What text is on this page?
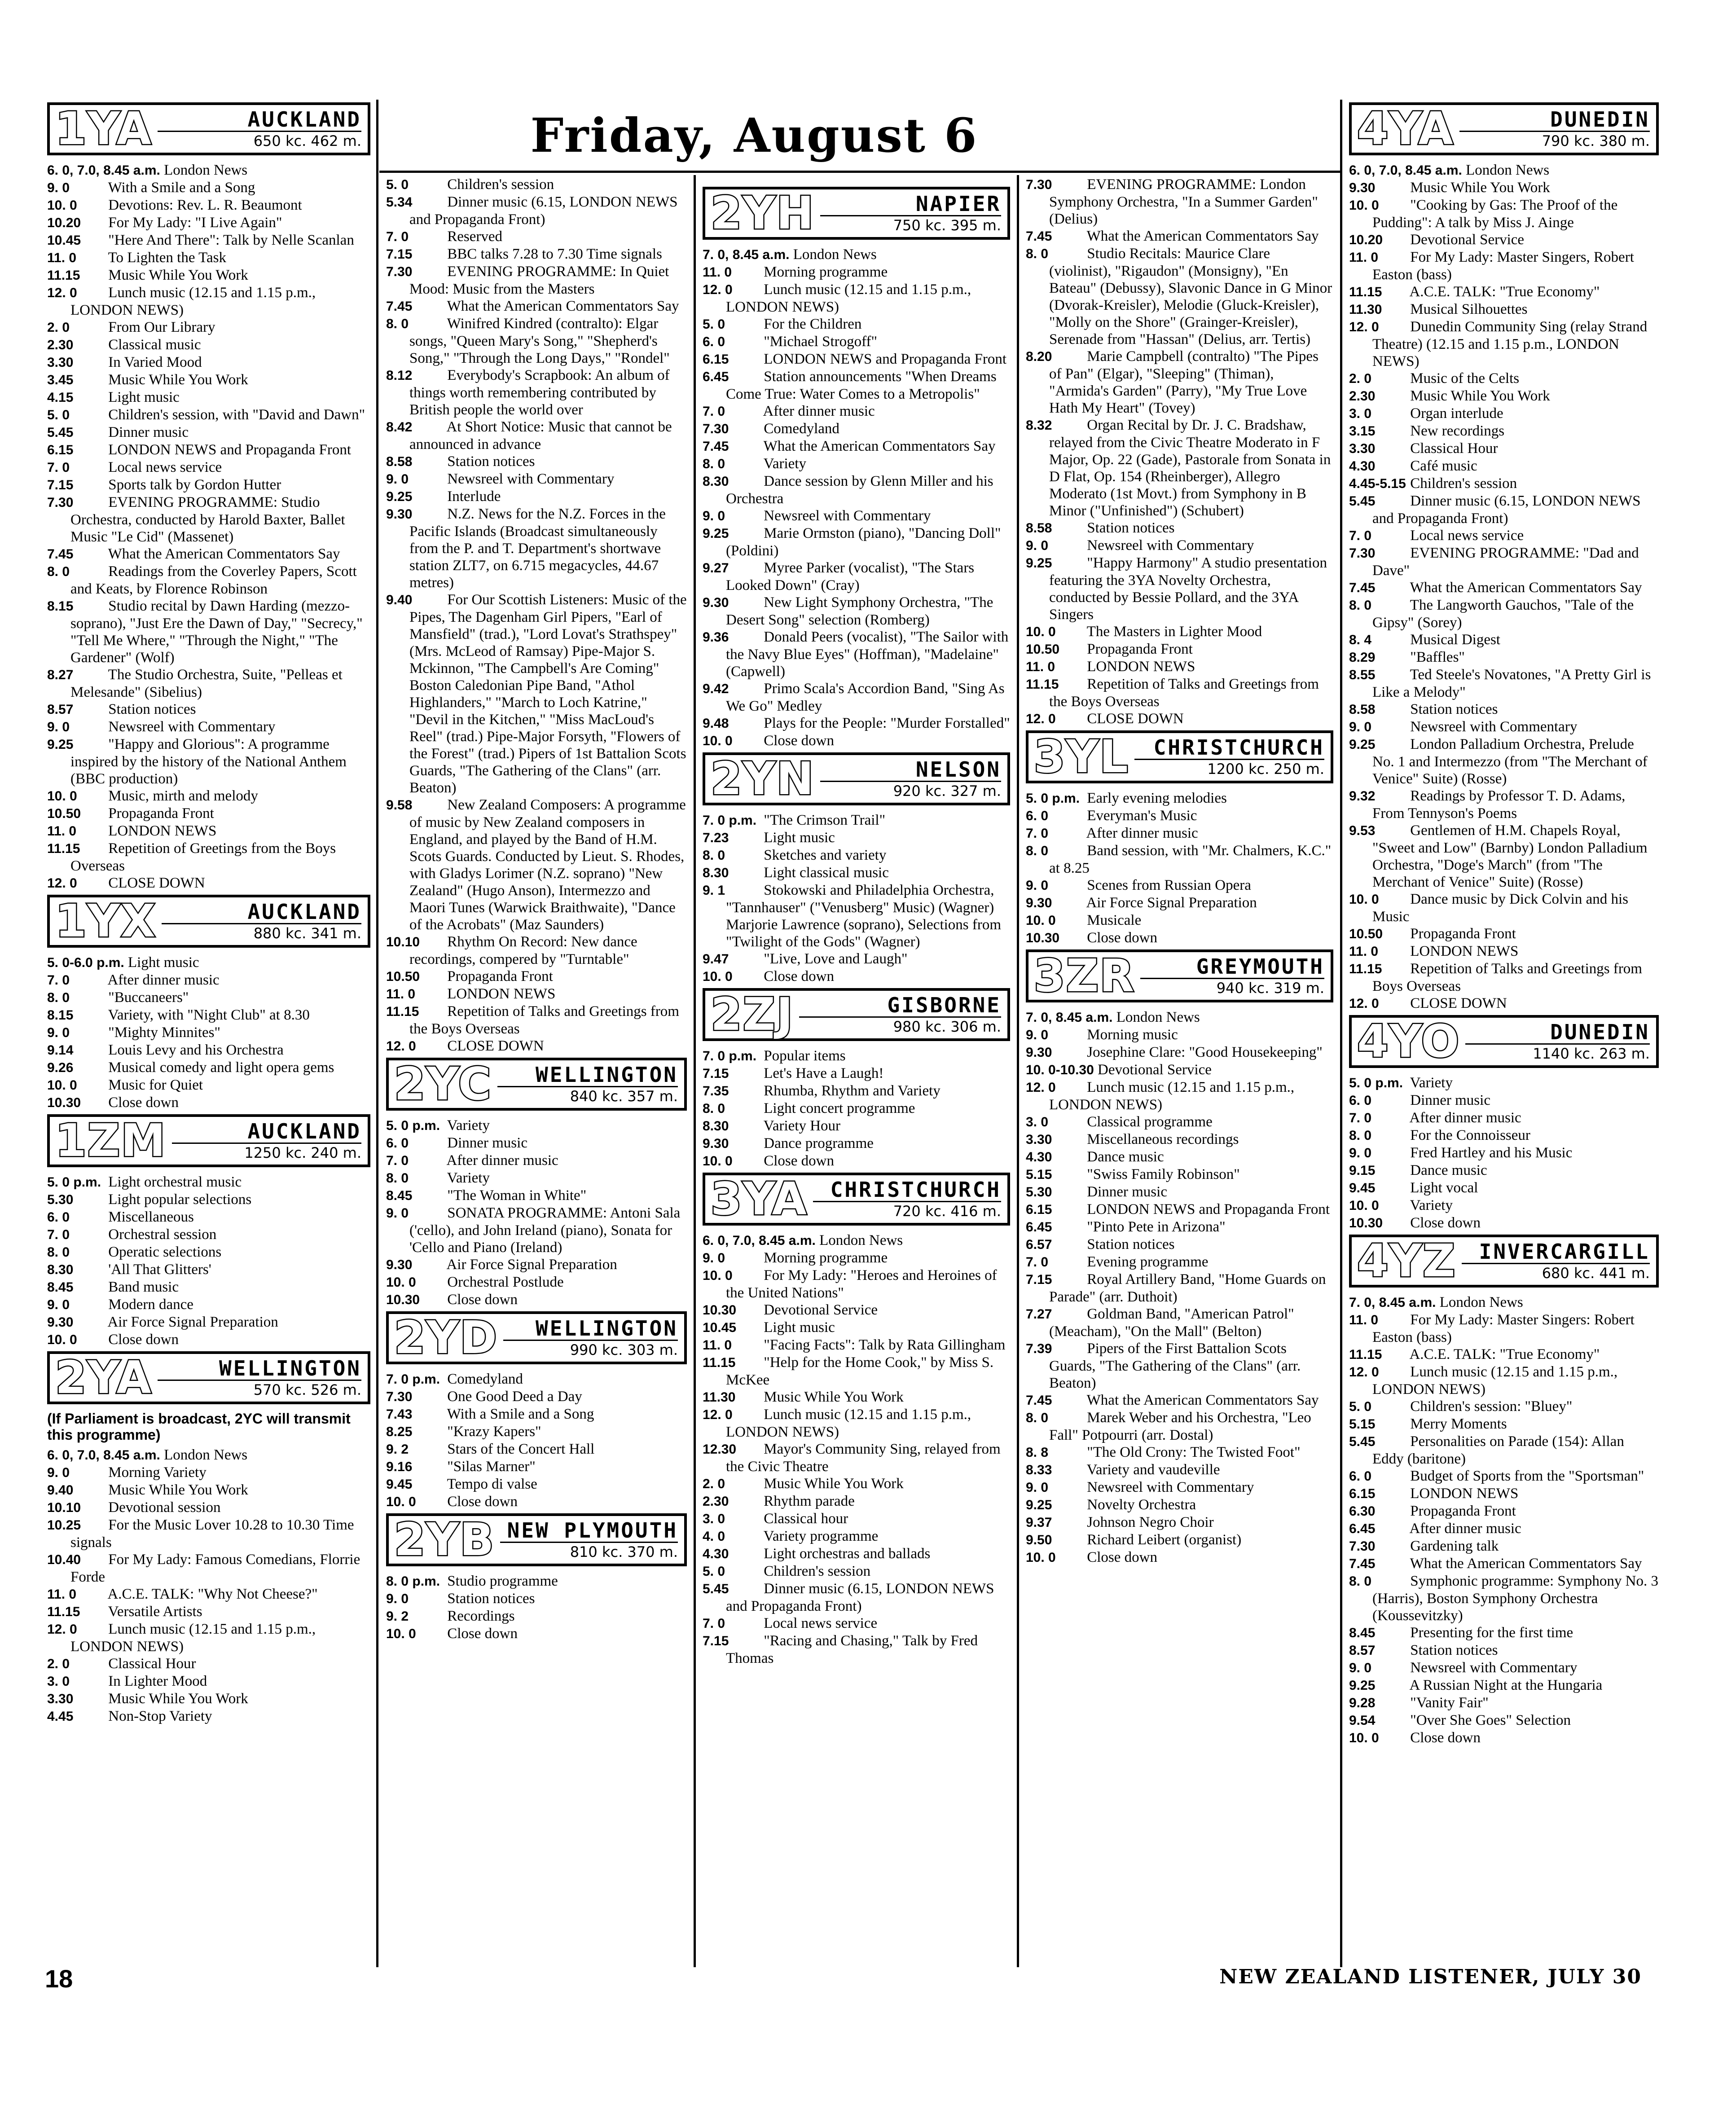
Friday, August 6
1YA	AUCKLAND
650 kc. 462 m.
6. 0, 7.0, 8.45 a.m. London News
9. 0	With a Smile and a Song
10. 0 Devotions: Rev. L. R. Beaumont
10.20 For My Lady: "I Live Again"
10.45 "Here And There": Talk by Nelle Scanlan
11. 0 To Lighten the Task
11.15 Music While You Work
12. 0 Lunch music (12.15 and 1.15 p.m., LONDON NEWS)
2. 0	From Our Library
2.30 Classical music
3.30 In Varied Mood
3.45 Music While You Work
4.15 Light music
5. 0	Children's session, with "David and Dawn"
5.45 Dinner music
6.15 LONDON NEWS and Propaganda Front
7. 0	Local news service
7.15 Sports talk by Gordon Hutter
7.30 EVENING PROGRAMME: Studio Orchestra, conducted by Harold Baxter, Ballet Music "Le Cid" (Massenet)
7.45 What the American Commentators Say
8. 0	Readings from the Coverley Papers, Scott and Keats, by Florence Robinson
8.15 Studio recital by Dawn Harding (mezzo-soprano), "Just Ere the Dawn of Day," "Secrecy," "Tell Me Where," "Through the Night," "The Gardener" (Wolf)
8.27 The Studio Orchestra, Suite, "Pelleas et Melesande" (Sibelius)
8.57 Station notices
9. 0	Newsreel with Commentary
9.25 "Happy and Glorious": A programme inspired by the history of the National Anthem (BBC production)
10. 0 Music, mirth and melody
10.50 Propaganda Front
11. 0 LONDON NEWS
11.15 Repetition of Greetings from the Boys Overseas
12. 0 CLOSE DOWN
1YX	AUCKLAND
880 kc. 341 m.
5. 0-6.0 p.m. Light music
7. 0	After dinner music
8. 0	"Buccaneers"
8.15 Variety, with "Night Club" at 8.30
9. 0	"Mighty Minnites"
9.14 Louis Levy and his Orchestra
9.26 Musical comedy and light opera gems
10. 0 Music for Quiet
10.30 Close down
1ZM	AUCKLAND
1250 kc. 240 m.
5. 0 p.m. Light orchestral music
5.30 Light popular selections
6. 0	Miscellaneous
7. 0	Orchestral session
8. 0	Operatic selections
8.30 'All That Glitters'
8.45 Band music
9. 0	Modern dance
9.30 Air Force Signal Preparation
10. 0 Close down
2YA	WELLINGTON
570 kc. 526 m.
(If Parliament is broadcast, 2YC will transmit this programme)
6. 0, 7.0, 8.45 a.m. London News
9. 0	Morning Variety
9.40 Music While You Work
10.10 Devotional session
10.25 For the Music Lover 10.28 to 10.30 Time signals
10.40 For My Lady: Famous Comedians, Florrie Forde
11. 0 A.C.E. TALK: "Why Not Cheese?"
11.15 Versatile Artists
12. 0 Lunch music (12.15 and 1.15 p.m., LONDON NEWS)
2. 0	Classical Hour
3. 0	In Lighter Mood
3.30 Music While You Work
4.45 Non-Stop Variety
5. 0	Children's session
5.34 Dinner music (6.15, LONDON NEWS and Propaganda Front)
7. 0	Reserved
7.15 BBC talks 7.28 to 7.30 Time signals
7.30 EVENING PROGRAMME: In Quiet Mood: Music from the Masters
7.45 What the American Commentators Say
8. 0	Winifred Kindred (contralto): Elgar songs, "Queen Mary's Song," "Shepherd's Song," "Through the Long Days," "Rondel"
8.12 Everybody's Scrapbook: An album of things worth remembering contributed by British people the world over
8.42 At Short Notice: Music that cannot be announced in advance
8.58 Station notices
9. 0	Newsreel with Commentary
9.25 Interlude
9.30 N.Z. News for the N.Z. Forces in the Pacific Islands (Broadcast simultaneously from the P. and T. Department's shortwave station ZLT7, on 6.715 megacycles, 44.67 metres)
9.40 For Our Scottish Listeners: Music of the Pipes, The Dagenham Girl Pipers, "Earl of Mansfield" (trad.), "Lord Lovat's Strathspey" (Mrs. McLeod of Ramsay) Pipe-Major S. Mckinnon, "The Campbell's Are Coming" Boston Caledonian Pipe Band, "Athol Highlanders," "March to Loch Katrine," "Devil in the Kitchen," "Miss MacLoud's Reel" (trad.) Pipe-Major Forsyth, "Flowers of the Forest" (trad.) Pipers of 1st Battalion Scots Guards, "The Gathering of the Clans" (arr. Beaton)
9.58 New Zealand Composers: A programme of music by New Zealand composers in England, and played by the Band of H.M. Scots Guards. Conducted by Lieut. S. Rhodes, with Gladys Lorimer (N.Z. soprano) "New Zealand" (Hugo Anson), Intermezzo and Maori Tunes (Warwick Braithwaite), "Dance of the Acrobats" (Maz Saunders)
10.10 Rhythm On Record: New dance recordings, compered by "Turntable"
10.50 Propaganda Front
11. 0 LONDON NEWS
11.15 Repetition of Talks and Greetings from the Boys Overseas
12. 0 CLOSE DOWN
2YC	WELLINGTON
840 kc. 357 m.
5. 0 p.m. Variety
6. 0	Dinner music
7. 0	After dinner music
8. 0	Variety
8.45 "The Woman in White"
9. 0	SONATA PROGRAMME: Antoni Sala ('cello), and John Ireland (piano), Sonata for 'Cello and Piano (Ireland)
9.30 Air Force Signal Preparation
10. 0 Orchestral Postlude
10.30 Close down
2YD	WELLINGTON
990 kc. 303 m.
7. 0 p.m. Comedyland
7.30 One Good Deed a Day
7.43 With a Smile and a Song
8.25 "Krazy Kapers"
9. 2	Stars of the Concert Hall
9.16 "Silas Marner"
9.45 Tempo di valse
10. 0 Close down
2YB NEW PLYMOUTH
810 kc. 370 m.
8. 0 p.m. Studio programme
9. 0	Station notices
9. 2	Recordings
10. 0 Close down
2YH	NAPIER
750 kc. 395 m.
7. 0, 8.45 a.m. London News
11. 0 Morning programme
12. 0 Lunch music (12.15 and 1.15 p.m., LONDON NEWS)
5. 0	For the Children
6. 0	"Michael Strogoff"
6.15 LONDON NEWS and Propaganda Front
6.45 Station announcements "When Dreams Come True: Water Comes to a Metropolis"
7. 0	After dinner music
7.30 Comedyland
7.45 What the American Commentators Say
8. 0	Variety
8.30 Dance session by Glenn Miller and his Orchestra
9. 0	Newsreel with Commentary
9.25 Marie Ormston (piano), "Dancing Doll" (Poldini)
9.27 Myree Parker (vocalist), "The Stars Looked Down" (Cray)
9.30 New Light Symphony Orchestra, "The Desert Song" selection (Romberg)
9.36 Donald Peers (vocalist), "The Sailor with the Navy Blue Eyes" (Hoffman), "Madelaine" (Capwell)
9.42 Primo Scala's Accordion Band, "Sing As We Go" Medley
9.48 Plays for the People: "Murder Forstalled"
10. 0 Close down
2YN	NELSON
920 kc. 327 m.
7. 0 p.m. "The Crimson Trail"
7.23 Light music
8. 0	Sketches and variety
8.30 Light classical music
9. 1	Stokowski and Philadelphia Orchestra, "Tannhauser" ("Venusberg" Music) (Wagner) Marjorie Lawrence (soprano), Selections from "Twilight of the Gods" (Wagner)
9.47 "Live, Love and Laugh"
10. 0 Close down
2ZJ	GISBORNE
980 kc. 306 m.
7. 0 p.m. Popular items
7.15 Let's Have a Laugh!
7.35 Rhumba, Rhythm and Variety
8. 0	Light concert programme
8.30 Variety Hour
9.30 Dance programme
10. 0 Close down
3YA	CHRISTCHURCH
720 kc. 416 m.
6. 0, 7.0, 8.45 a.m. London News
9. 0	Morning programme
10. 0 For My Lady: "Heroes and Heroines of the United Nations"
10.30 Devotional Service
10.45 Light music
11. 0 "Facing Facts": Talk by Rata Gillingham
11.15 "Help for the Home Cook," by Miss S. McKee
11.30 Music While You Work
12. 0 Lunch music (12.15 and 1.15 p.m., LONDON NEWS)
12.30 Mayor's Community Sing, relayed from the Civic Theatre
2. 0	Music While You Work
2.30 Rhythm parade
3. 0	Classical hour
4. 0	Variety programme
4.30 Light orchestras and ballads
5. 0	Children's session
5.45 Dinner music (6.15, LONDON NEWS and Propaganda Front)
7. 0	Local news service
7.15 "Racing and Chasing," Talk by Fred Thomas
7.30 EVENING PROGRAMME: London Symphony Orchestra, "In a Summer Garden" (Delius)
7.45 What the American Commentators Say
8. 0	Studio Recitals: Maurice Clare (violinist), "Rigaudon" (Monsigny), "En Bateau" (Debussy), Slavonic Dance in G Minor (Dvorak-Kreisler), Melodie (Gluck-Kreisler), "Molly on the Shore" (Grainger-Kreisler), Serenade from "Hassan" (Delius, arr. Tertis)
8.20 Marie Campbell (contralto) "The Pipes of Pan" (Elgar), "Sleeping" (Thiman), "Armida's Garden" (Parry), "My True Love Hath My Heart" (Tovey)
8.32 Organ Recital by Dr. J. C. Bradshaw, relayed from the Civic Theatre Moderato in F Major, Op. 22 (Gade), Pastorale from Sonata in D Flat, Op. 154 (Rheinberger), Allegro Moderato (1st Movt.) from Symphony in B Minor ("Unfinished") (Schubert)
8.58 Station notices
9. 0	Newsreel with Commentary
9.25 "Happy Harmony" A studio presentation featuring the 3YA Novelty Orchestra, conducted by Bessie Pollard, and the 3YA Singers
10. 0 The Masters in Lighter Mood
10.50 Propaganda Front
11. 0 LONDON NEWS
11.15 Repetition of Talks and Greetings from the Boys Overseas
12. 0 CLOSE DOWN
3YL	CHRISTCHURCH
1200 kc. 250 m.
5. 0 p.m. Early evening melodies
6. 0	Everyman's Music
7. 0	After dinner music
8. 0	Band session, with "Mr. Chalmers, K.C." at 8.25
9. 0	Scenes from Russian Opera
9.30 Air Force Signal Preparation
10. 0 Musicale
10.30 Close down
3ZR	GREYMOUTH
940 kc. 319 m.
7. 0, 8.45 a.m. London News
9. 0	Morning music
9.30 Josephine Clare: "Good Housekeeping"
10. 0-10.30 Devotional Service
12. 0 Lunch music (12.15 and 1.15 p.m., LONDON NEWS)
3. 0	Classical programme
3.30 Miscellaneous recordings
4.30 Dance music
5.15 "Swiss Family Robinson"
5.30 Dinner music
6.15 LONDON NEWS and Propaganda Front
6.45 "Pinto Pete in Arizona"
6.57 Station notices
7. 0	Evening programme
7.15 Royal Artillery Band, "Home Guards on Parade" (arr. Duthoit)
7.27 Goldman Band, "American Patrol" (Meacham), "On the Mall" (Belton)
7.39 Pipers of the First Battalion Scots Guards, "The Gathering of the Clans" (arr. Beaton)
7.45 What the American Commentators Say
8. 0	Marek Weber and his Orchestra, "Leo Fall" Potpourri (arr. Dostal)
8. 8	"The Old Crony: The Twisted Foot"
8.33 Variety and vaudeville
9. 0	Newsreel with Commentary
9.25 Novelty Orchestra
9.37 Johnson Negro Choir
9.50 Richard Leibert (organist)
10. 0 Close down
4YA	DUNEDIN
790 kc. 380 m.
6. 0, 7.0, 8.45 a.m. London News
9.30 Music While You Work
10. 0 "Cooking by Gas: The Proof of the Pudding": A talk by Miss J. Ainge
10.20 Devotional Service
11. 0 For My Lady: Master Singers, Robert Easton (bass)
11.15 A.C.E. TALK: "True Economy"
11.30 Musical Silhouettes
12. 0 Dunedin Community Sing (relay Strand Theatre) (12.15 and 1.15 p.m., LONDON NEWS)
2. 0	Music of the Celts
2.30 Music While You Work
3. 0	Organ interlude
3.15 New recordings
3.30 Classical Hour
4.30 Café music
4.45-5.15 Children's session
5.45 Dinner music (6.15, LONDON NEWS and Propaganda Front)
7. 0	Local news service
7.30 EVENING PROGRAMME: "Dad and Dave"
7.45 What the American Commentators Say
8. 0	The Langworth Gauchos, "Tale of the Gipsy" (Sorey)
8. 4	Musical Digest
8.29 "Baffles"
8.55 Ted Steele's Novatones, "A Pretty Girl is Like a Melody"
8.58 Station notices
9. 0	Newsreel with Commentary
9.25 London Palladium Orchestra, Prelude No. 1 and Intermezzo (from "The Merchant of Venice" Suite) (Rosse)
9.32 Readings by Professor T. D. Adams, From Tennyson's Poems
9.53 Gentlemen of H.M. Chapels Royal, "Sweet and Low" (Barnby) London Palladium Orchestra, "Doge's March" (from "The Merchant of Venice" Suite) (Rosse)
10. 0 Dance music by Dick Colvin and his Music
10.50 Propaganda Front
11. 0 LONDON NEWS
11.15 Repetition of Talks and Greetings from Boys Overseas
12. 0 CLOSE DOWN
4YO	DUNEDIN
1140 kc. 263 m.
5. 0 p.m. Variety
6. 0	Dinner music
7. 0	After dinner music
8. 0	For the Connoisseur
9. 0	Fred Hartley and his Music
9.15 Dance music
9.45 Light vocal
10. 0 Variety
10.30 Close down
4YZ	INVERCARGILL
680 kc. 441 m.
7. 0, 8.45 a.m. London News
11. 0 For My Lady: Master Singers: Robert Easton (bass)
11.15 A.C.E. TALK: "True Economy"
12. 0 Lunch music (12.15 and 1.15 p.m., LONDON NEWS)
5. 0	Children's session: "Bluey"
5.15 Merry Moments
5.45 Personalities on Parade (154): Allan Eddy (baritone)
6. 0	Budget of Sports from the "Sportsman"
6.15 LONDON NEWS
6.30 Propaganda Front
6.45 After dinner music
7.30 Gardening talk
7.45 What the American Commentators Say
8. 0	Symphonic programme: Symphony No. 3 (Harris), Boston Symphony Orchestra (Koussevitzky)
8.45 Presenting for the first time
8.57 Station notices
9. 0	Newsreel with Commentary
9.25 A Russian Night at the Hungaria
9.28 "Vanity Fair"
9.54 "Over She Goes" Selection
10. 0 Close down
18	NEW ZEALAND LISTENER, JULY 30
